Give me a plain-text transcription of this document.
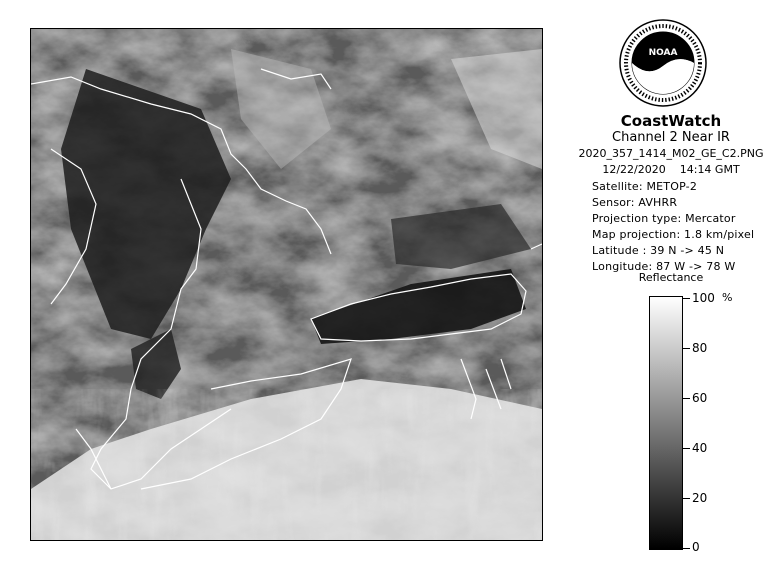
NOAA
CoastWatch
Channel 2 Near IR
2020_357_1414_M02_GE_C2.PNG
12/22/2020 14:14 GMT
Satellite: METOP-2
Sensor: AVHRR
Projection type: Mercator
Map projection: 1.8 km/pixel
Latitude : 39 N -> 45 N
Longitude: 87 W -> 78 W
Reflectance
%
100
80
60
40
20
0
